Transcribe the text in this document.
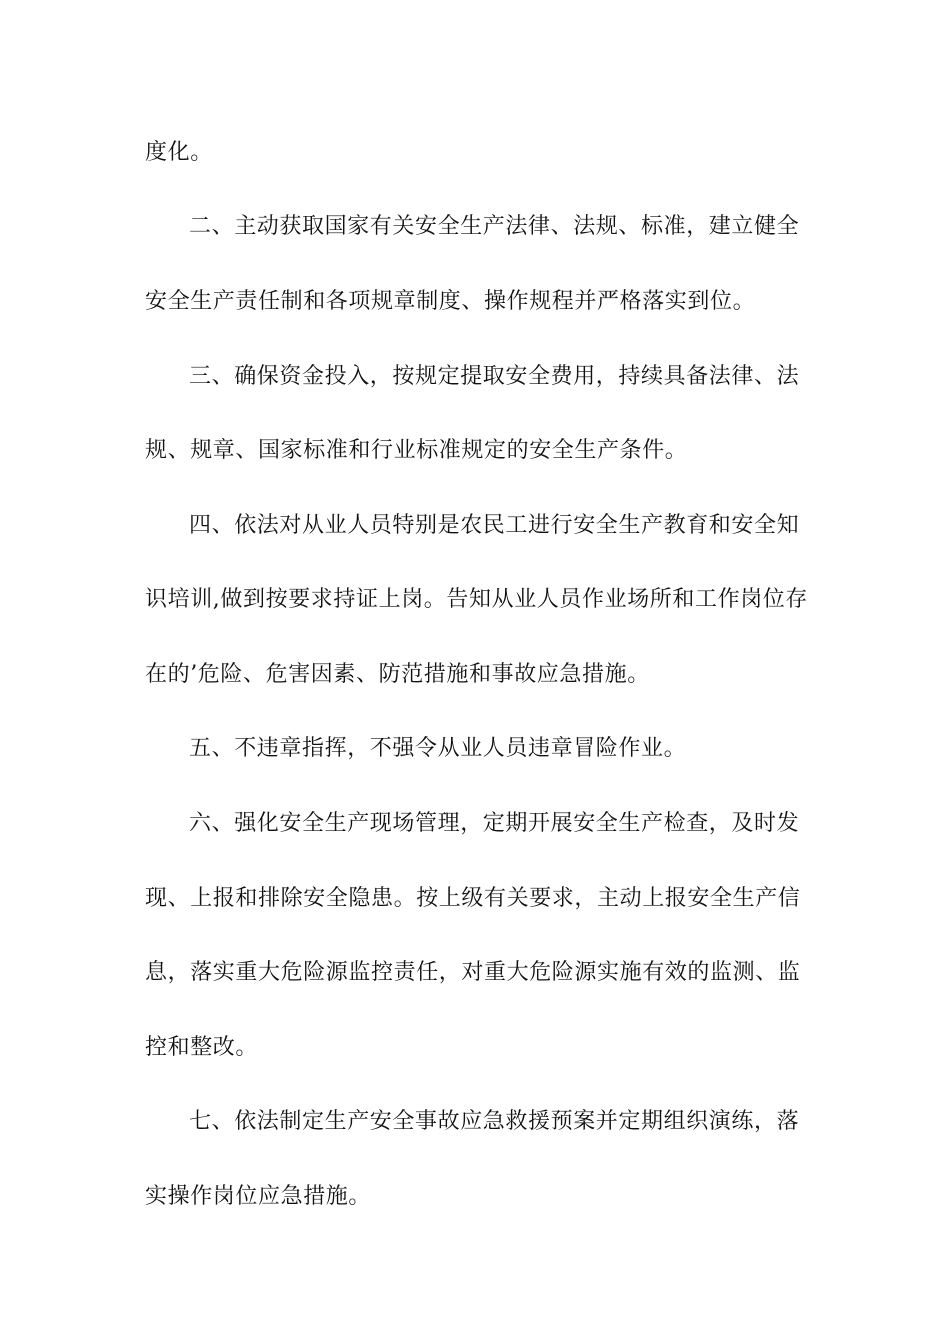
度化。
二、主动获取国家有关安全生产法律、法规、标准，建立健全
安全生产责任制和各项规章制度、操作规程并严格落实到位。
三、确保资金投入，按规定提取安全费用，持续具备法律、法
规、规章、国家标准和行业标准规定的安全生产条件。
四、依法对从业人员特别是农民工进行安全生产教育和安全知
识培训,做到按要求持证上岗。告知从业人员作业场所和工作岗位存
在的’危险、危害因素、防范措施和事故应急措施。
五、不违章指挥，不强令从业人员违章冒险作业。
六、强化安全生产现场管理，定期开展安全生产检查，及时发
现、上报和排除安全隐患。按上级有关要求，主动上报安全生产信
息，落实重大危险源监控责任，对重大危险源实施有效的监测、监
控和整改。
七、依法制定生产安全事故应急救援预案并定期组织演练，落
实操作岗位应急措施。
